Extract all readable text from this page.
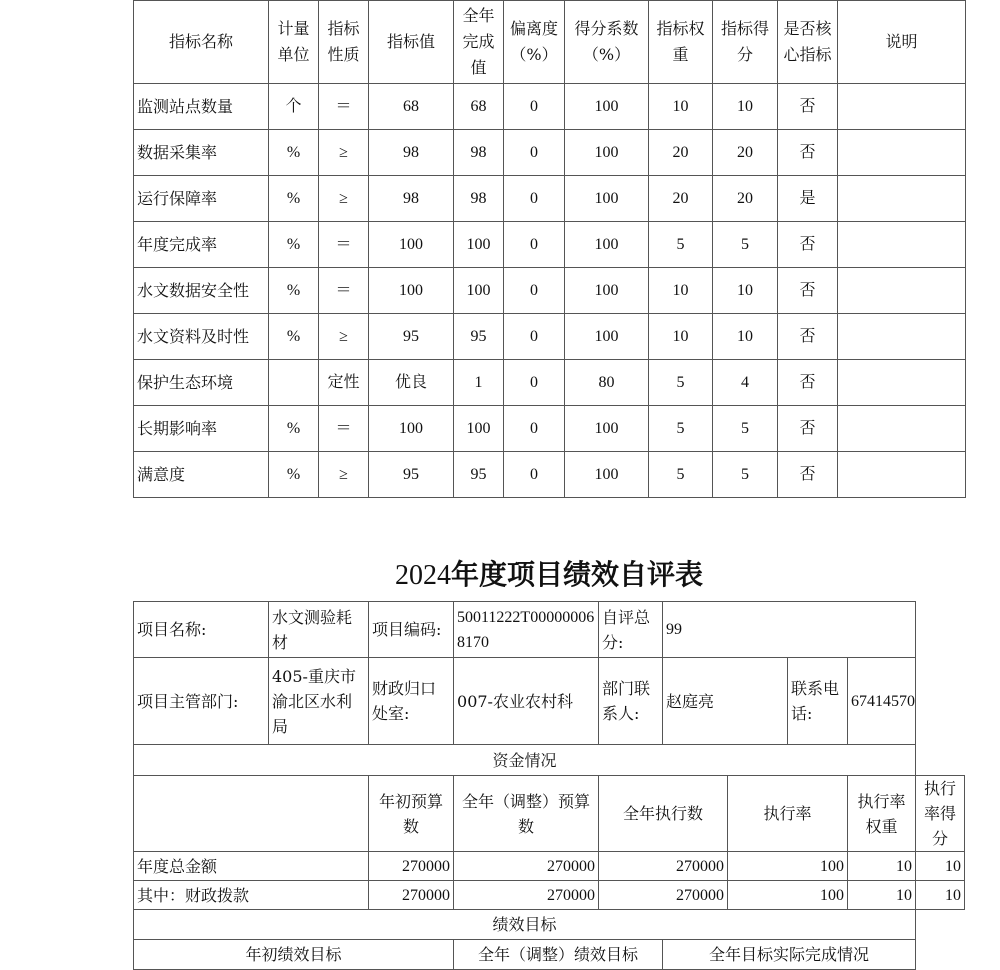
指标名称	计量单位	指标性质	指标值	全年完成值	偏离度（%）	得分系数（%）	指标权重	指标得分	是否核心指标	说明
监测站点数量	个	＝	68	68	0	100	10	10	否	
数据采集率	%	≥	98	98	0	100	20	20	否	
运行保障率	%	≥	98	98	0	100	20	20	是	
年度完成率	%	＝	100	100	0	100	5	5	否	
水文数据安全性	%	＝	100	100	0	100	10	10	否	
水文资料及时性	%	≥	95	95	0	100	10	10	否	
保护生态环境		定性	优良	1	0	80	5	4	否	
长期影响率	%	＝	100	100	0	100	5	5	否	
满意度	%	≥	95	95	0	100	5	5	否	
2024年度项目绩效自评表
项目名称:	水文测验耗材	项目编码:	50011222T000000068170	自评总分:	99				
项目主管部门:	405-重庆市渝北区水利局	财政归口处室:	007-农业农村科	部门联系人:	赵庭亮		联系电话:	67414570	
资金情况									
		年初预算数	全年（调整）预算数	全年执行数		执行率		执行率权重	执行率得分
年度总金额		270000	270000	270000		100		10	10
其中：财政拨款		270000	270000	270000		100		10	10
绩效目标									
年初绩效目标			全年（调整）绩效目标		全年目标实际完成情况				
